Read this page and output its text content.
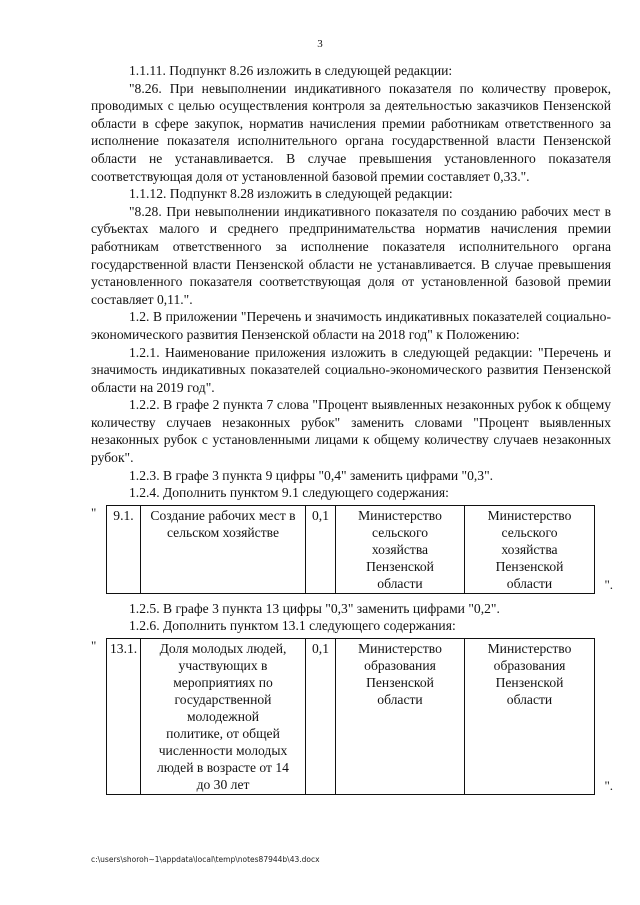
3

1.1.11. Подпункт 8.26 изложить в следующей редакции:

"8.26. При невыполнении индикативного показателя по количеству проверок, проводимых с целью осуществления контроля за деятельностью заказчиков Пензенской области в сфере закупок, норматив начисления премии работникам ответственного за исполнение показателя исполнительного органа государственной власти Пензенской области не устанавливается. В случае превышения установленного показателя соответствующая доля от установленной базовой премии составляет 0,33.".

1.1.12. Подпункт 8.28 изложить в следующей редакции:

"8.28. При невыполнении индикативного показателя по созданию рабочих мест в субъектах малого и среднего предпринимательства норматив начисления премии работникам ответственного за исполнение показателя исполнительного органа государственной власти Пензенской области не устанавливается. В случае превышения установленного показателя соответствующая доля от установленной базовой премии составляет 0,11.".

1.2. В приложении "Перечень и значимость индикативных показателей социально-экономического развития Пензенской области на 2018 год" к Положению:

1.2.1. Наименование приложения изложить в следующей редакции: "Перечень и значимость индикативных показателей социально-экономического развития Пензенской области на 2019 год".

1.2.2. В графе 2 пункта 7 слова "Процент выявленных незаконных рубок к общему количеству случаев незаконных рубок" заменить словами "Процент выявленных незаконных рубок с установленными лицами к общему количеству случаев незаконных рубок".

1.2.3. В графе 3 пункта 9 цифры "0,4" заменить цифрами "0,3".

1.2.4. Дополнить пунктом 9.1 следующего содержания:

" 9.1.	Создание рабочих мест в сельском хозяйстве	0,1	Министерство сельского хозяйства Пензенской области	Министерство сельского хозяйства Пензенской области	".

1.2.5. В графе 3 пункта 13 цифры "0,3" заменить цифрами "0,2".

1.2.6. Дополнить пунктом 13.1 следующего содержания:

" 13.1.	Доля молодых людей, участвующих в мероприятиях по государственной молодежной политике, от общей численности молодых людей в возрасте от 14 до 30 лет	0,1	Министерство образования Пензенской области	Министерство образования Пензенской области
".
c:\users\shoroh~1\appdata\local\temp\notes87944b\43.docx
